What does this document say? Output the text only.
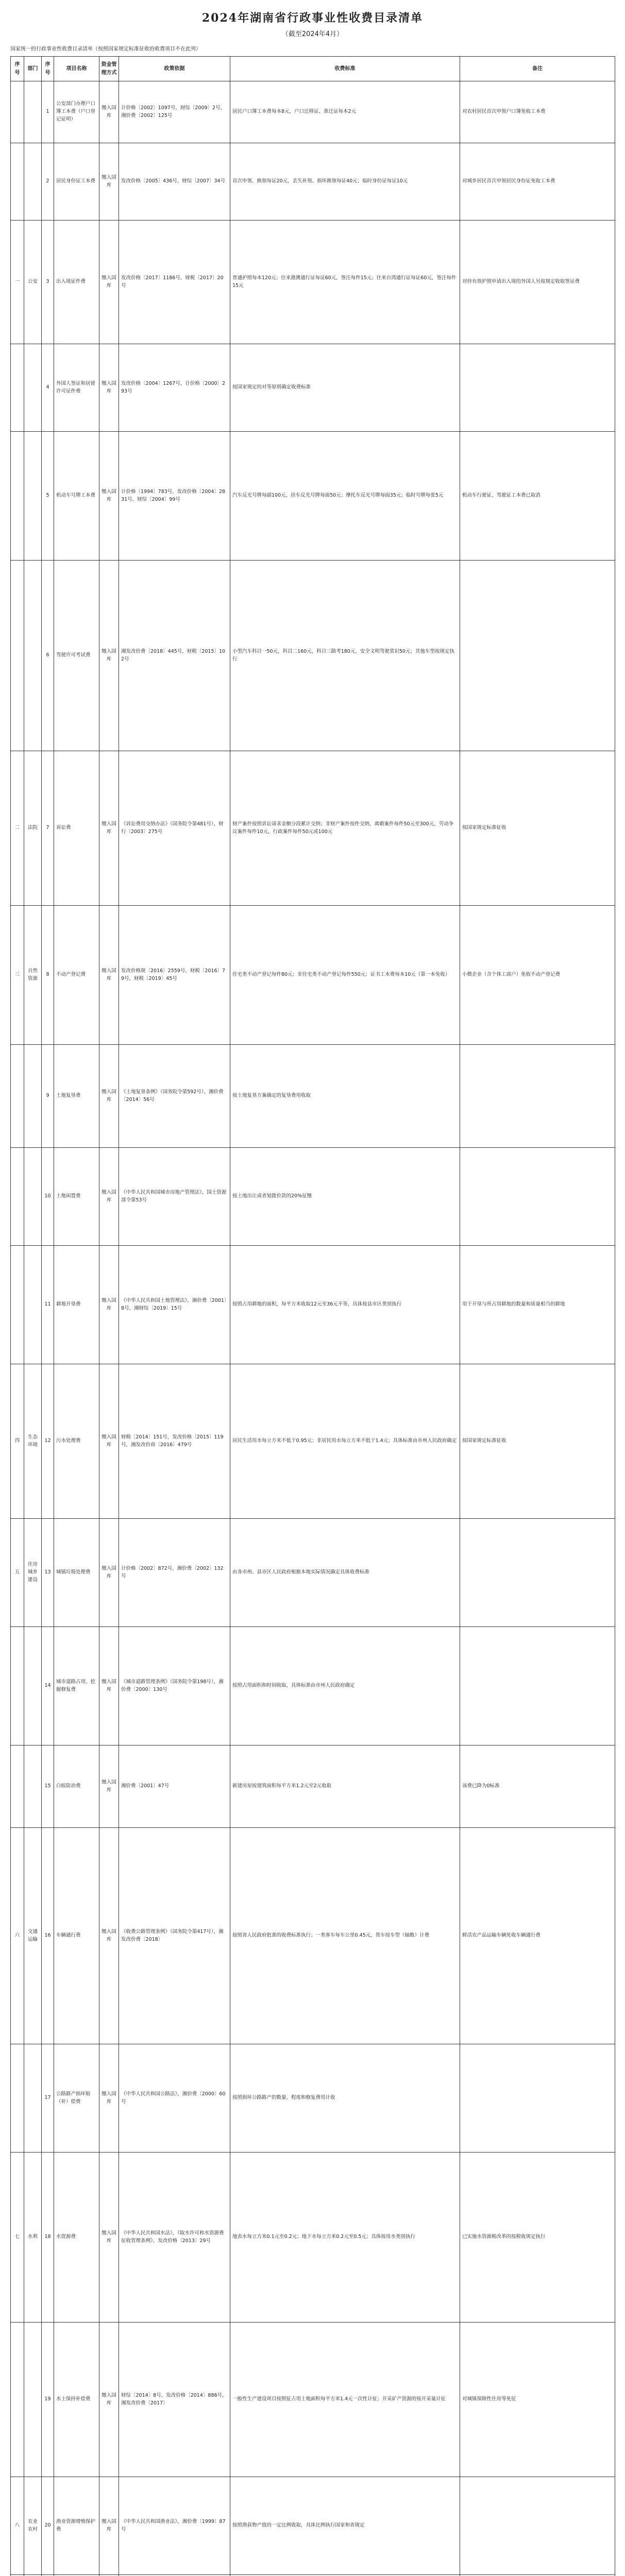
2024年湖南省行政事业性收费目录清单
（截至2024年4月）
国家统一的行政事业性收费目录清单（按照国家规定标准征收的收费项目不在此列）
序号	部门	序号	项目名称	资金管理方式	政策依据	收费标准	备注
		1	公安部门办理户口簿工本费（户口登记证明）	缴入国库	计价格〔2002〕1097号，财综〔2009〕2号，湘价费〔2002〕125号	居民户口簿工本费每本8元，户口迁移证、准迁证每本2元	对农村居民首次申领户口簿免收工本费
		2	居民身份证工本费	缴入国库	发改价格〔2005〕436号，财综〔2007〕34号	首次申领、换领每证20元，丢失补领、损坏换领每证40元；临时身份证每证10元	对城乡居民首次申领居民身份证免收工本费
一	公安	3	出入境证件费	缴入国库	发改价格〔2017〕1186号，财税〔2017〕20号	普通护照每本120元；往来港澳通行证每证60元，签注每件15元；往来台湾通行证每证60元，签注每件15元	对持有效护照申请出入境的外国人另按规定收取签证费
		4	外国人签证和居留许可证件费	缴入国库	发改价格〔2004〕1267号，计价格〔2000〕293号	按国家规定的对等原则确定收费标准	
		5	机动车号牌工本费	缴入国库	计价格〔1994〕783号，发改价格〔2004〕2831号，财综〔2004〕99号	汽车反光号牌每副100元，挂车反光号牌每面50元；摩托车反光号牌每面35元；临时号牌每张5元	机动车行驶证、驾驶证工本费已取消
		6	驾驶许可考试费	缴入国库	湘发改价费〔2018〕445号，财税〔2015〕102号	小型汽车科目一50元，科目二160元，科目三路考180元、安全文明驾驶常识50元；其他车型按规定执行	
二	法院	7	诉讼费	缴入国库	《诉讼费用交纳办法》（国务院令第481号），财行〔2003〕275号	财产案件按照诉讼请求金额分段累计交纳；非财产案件按件交纳，离婚案件每件50元至300元，劳动争议案件每件10元，行政案件每件50元或100元	按国家规定标准征收
三	自然资源	8	不动产登记费	缴入国库	发改价格规〔2016〕2559号，财税〔2016〕79号，财税〔2019〕45号	住宅类不动产登记每件80元；非住宅类不动产登记每件550元；证书工本费每本10元（第一本免收）	小微企业（含个体工商户）免收不动产登记费
		9	土地复垦费	缴入国库	《土地复垦条例》（国务院令第592号），湘价费〔2014〕56号	按土地复垦方案确定的复垦费用收取	
		10	土地闲置费	缴入国库	《中华人民共和国城市房地产管理法》，国土资源部令第53号	按土地出让或者划拨价款的20%征缴	
		11	耕地开垦费	缴入国库	《中华人民共和国土地管理法》，湘价费〔2001〕8号，湘财综〔2019〕15号	按照占用耕地的面积，每平方米收取12元至36元不等，具体按县市区类别执行	用于开垦与所占用耕地的数量和质量相当的耕地
四	生态环境	12	污水处理费	缴入国库	财税〔2014〕151号，发改价格〔2015〕119号，湘发改价商〔2016〕479号	居民生活用水每立方米不低于0.95元；非居民用水每立方米不低于1.4元；具体标准由市州人民政府确定	按国家规定标准征收
五	住房城乡建设	13	城镇垃圾处理费	缴入国库	计价格〔2002〕872号，湘价费〔2002〕132号	由各市州、县市区人民政府根据本地实际情况确定具体收费标准	
		14	城市道路占用、挖掘修复费	缴入国库	《城市道路管理条例》（国务院令第198号），湘价费〔2000〕130号	按照占用面积和时间收取，具体标准由市州人民政府确定	
		15	白蚁防治费	缴入国库	湘价费〔2001〕47号	新建房屋按建筑面积每平方米1.2元至2元收取	该费已降为0标准
六	交通运输	16	车辆通行费	缴入国库	《收费公路管理条例》（国务院令第417号），湘发改价费〔2018〕	按照省人民政府批准的收费标准执行；一类客车每车公里0.45元，货车按车型（轴数）计费	鲜活农产品运输车辆免收车辆通行费
		17	公路路产损坏赔（补）偿费	缴入国库	《中华人民共和国公路法》，湘价费〔2000〕60号	按照损坏公路路产的数量、程度和修复费用计收	
七	水利	18	水资源费	缴入国库	《中华人民共和国水法》，《取水许可和水资源费征收管理条例》，发改价格〔2013〕29号	地表水每立方米0.1元至0.2元；地下水每立方米0.2元至0.5元；具体按用水类别执行	已实施水资源税改革的按税收规定执行
		19	水土保持补偿费	缴入国库	财综〔2014〕8号，发改价格〔2014〕886号，湘发改价费〔2017〕	一般性生产建设项目按照征占用土地面积每平方米1.4元一次性计征；开采矿产资源的按开采量计征	对城镇保障性住房等免征
八	农业农村	20	渔业资源增殖保护费	缴入国库	《中华人民共和国渔业法》，湘价费〔1999〕87号	按照渔获物产值的一定比例收取，具体比例执行国家和省规定	
